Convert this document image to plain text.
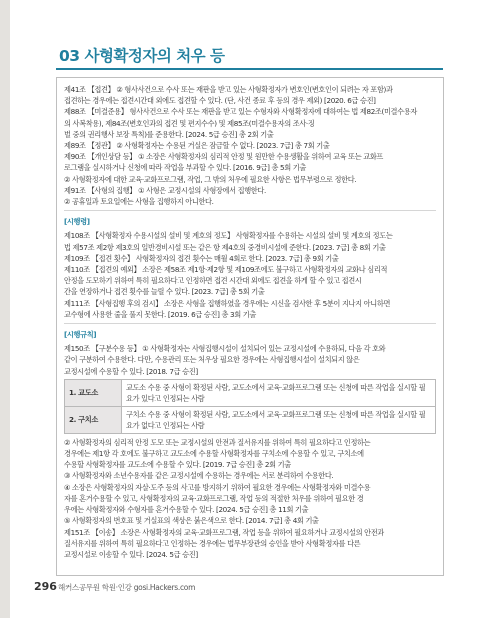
03 사형확정자의 처우 등

제41조 【접견】 ② 형사사건으로 수사 또는 재판을 받고 있는 사형확정자가 변호인(변호인이 되려는 자 포함)과

접견하는 경우에는 접견시간대 외에도 접견할 수 있다. (단, 사건 종료 후 등의 경우 제외) [2020. 6급 승진]

제88조 【미결준용】 형사사건으로 수사 또는 재판을 받고 있는 수형자와 사형확정자에 대하여는 법 제82조(미결수용자

의 사복착용), 제84조(변호인과의 접견 및 편지수수) 및 제85조(미결수용자의 조사·징

벌 중의 권리행사 보장 특칙)를 준용한다. [2024. 5급 승진] 총 2회 기출

제89조 【정관】 ② 사형확정자는 수용된 거실은 잠금할 수 없다. [2023. 7급] 총 7회 기출

제90조 【개인상담 등】 ① 소장은 사형확정자의 심리적 안정 및 원만한 수용생활을 위하여 교육 또는 교화프

로그램을 실시하거나 신청에 따라 작업을 부과할 수 있다. [2016. 9급] 총 5회 기출

② 사형확정자에 대한 교육·교화프로그램, 작업, 그 밖의 처우에 필요한 사항은 법무부령으로 정한다.

제91조 【사형의 집행】 ① 사형은 교정시설의 사형장에서 집행한다.

② 공휴일과 토요일에는 사형을 집행하지 아니한다.

[시행령]

제108조 【사형확정자 수용시설의 설비 및 계호의 정도】 사형확정자를 수용하는 시설의 설비 및 계호의 정도는

법 제57조 제2항 제3호의 일반경비시설 또는 같은 항 제4호의 중경비시설에 준한다. [2023. 7급] 총 8회 기출

제109조 【접견 횟수】 사형확정자의 접견 횟수는 매월 4회로 한다. [2023. 7급] 총 9회 기출

제110조 【접견의 예외】 소장은 제58조 제1항·제2항 및 제109조에도 불구하고 사형확정자의 교화나 심리적

안정을 도모하기 위하여 특히 필요하다고 인정하면 접견 시간대 외에도 접견을 하게 할 수 있고 접견시

간을 연장하거나 접견 횟수를 늘릴 수 있다. [2023. 7급] 총 5회 기출

제111조 【사형집행 후의 검시】 소장은 사형을 집행하였을 경우에는 시신을 검사한 후 5분이 지나지 아니하면

교수형에 사용한 줄을 풀지 못한다. [2019. 6급 승진] 총 3회 기출

[시행규칙]

제150조 【구분수용 등】 ① 사형확정자는 사형집행시설이 설치되어 있는 교정시설에 수용하되, 다음 각 호와

같이 구분하여 수용한다. 다만, 수용관리 또는 처우상 필요한 경우에는 사형집행시설이 설치되지 않은

교정시설에 수용할 수 있다. [2018. 7급 승진]

1. 교도소	교도소 수용 중 사형이 확정된 사람, 교도소에서 교육·교화프로그램 또는 신청에 따른 작업을 실시할 필요가 있다고 인정되는 사람
2. 구치소	구치소 수용 중 사형이 확정된 사람, 교도소에서 교육·교화프로그램 또는 신청에 따른 작업을 실시할 필요가 없다고 인정되는 사람

② 사형확정자의 심리적 안정 도모 또는 교정시설의 안전과 질서유지를 위하여 특히 필요하다고 인정하는

경우에는 제1항 각 호에도 불구하고 교도소에 수용할 사형확정자를 구치소에 수용할 수 있고, 구치소에

수용할 사형확정자를 교도소에 수용할 수 있다. [2019. 7급 승진] 총 2회 기출

③ 사형확정자와 소년수용자를 같은 교정시설에 수용하는 경우에는 서로 분리하여 수용한다.

④ 소장은 사형확정자의 자살·도주 등의 사고를 방지하기 위하여 필요한 경우에는 사형확정자와 미결수용

자를 혼거수용할 수 있고, 사형확정자의 교육·교화프로그램, 작업 등의 적절한 처우를 위하여 필요한 경

우에는 사형확정자와 수형자를 혼거수용할 수 있다. [2024. 5급 승진] 총 11회 기출

⑤ 사형확정자의 번호표 및 거실표의 색상은 붉은색으로 한다. [2014. 7급] 총 4회 기출

제151조 【이송】 소장은 사형확정자의 교육·교화프로그램, 작업 등을 위하여 필요하거나 교정시설의 안전과

질서유지를 위하여 특히 필요하다고 인정하는 경우에는 법무부장관의 승인을 받아 사형확정자를 다른

교정시설로 이송할 수 있다. [2024. 5급 승진]

296 해커스공무원 학원·인강 gosi.Hackers.com
